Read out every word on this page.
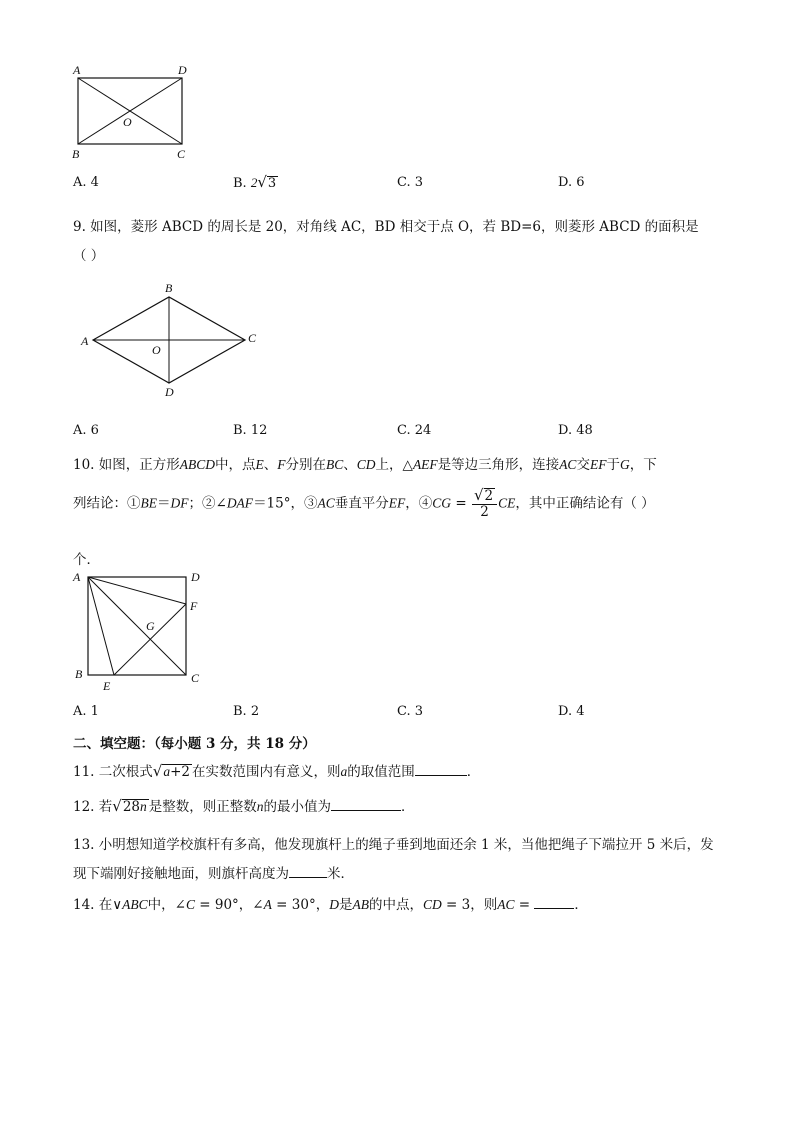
A	D
O
B	C
A. 4	B. 2√3	C. 3	D. 6
9. 如图，菱形 ABCD 的周长是 20，对角线 AC，BD 相交于点 O，若 BD=6，则菱形 ABCD 的面积是
（ ）
A
B
C
D
O
A. 6	B. 12	C. 24	D. 48
10. 如图，正方形ABCD中，点E、F分别在BC、CD上，△AEF是等边三角形，连接AC交EF于G，下
列结论：①BE＝DF；②∠DAF＝15°，③AC垂直平分EF，④CG = $\frac{√2}{2}$ CE，其中正确结论有（ ）
个．
A	D
F
G
B
E
C
A. 1	B. 2	C. 3	D. 4
二、填空题：（每小题 3 分，共 18 分）
11. 二次根式√a+2 在实数范围内有意义，则a的取值范围	．
12. 若√28n 是整数，则正整数n的最小值为	．
13. 小明想知道学校旗杆有多高，他发现旗杆上的绳子垂到地面还余 1 米，当他把绳子下端拉开 5 米后，发
现下端刚好接触地面，则旗杆高度为	米．
14. 在∨ABC中，∠C = 90°，∠A = 30°，D是AB的中点，CD = 3，则AC =	．
